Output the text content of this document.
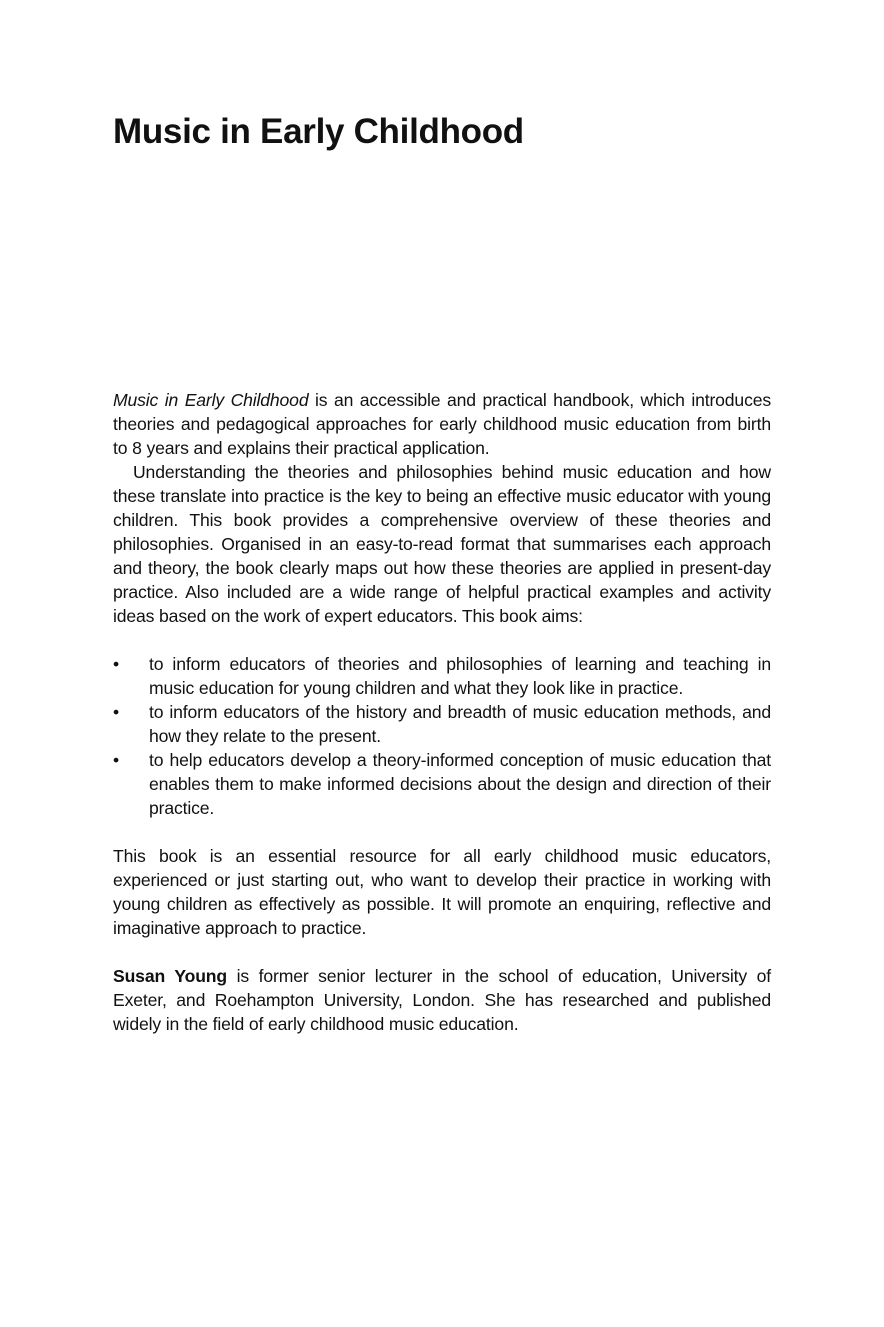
Music in Early Childhood

Music in Early Childhood is an accessible and practical handbook, which introduces theories and pedagogical approaches for early childhood music education from birth to 8 years and explains their practical application.

Understanding the theories and philosophies behind music education and how these translate into practice is the key to being an effective music educator with young children. This book provides a comprehensive overview of these theories and philosophies. Organised in an easy-to-read format that summarises each approach and theory, the book clearly maps out how these theories are applied in present-day practice. Also included are a wide range of helpful practical examples and activity ideas based on the work of expert educators. This book aims:

• to inform educators of theories and philosophies of learning and teaching in music education for young children and what they look like in practice.
• to inform educators of the history and breadth of music education methods, and how they relate to the present.
• to help educators develop a theory-informed conception of music education that enables them to make informed decisions about the design and direction of their practice.

This book is an essential resource for all early childhood music educators, experienced or just starting out, who want to develop their practice in working with young children as effectively as possible. It will promote an enquiring, reflective and imaginative approach to practice.

Susan Young is former senior lecturer in the school of education, University of Exeter, and Roehampton University, London. She has researched and published widely in the field of early childhood music education.
